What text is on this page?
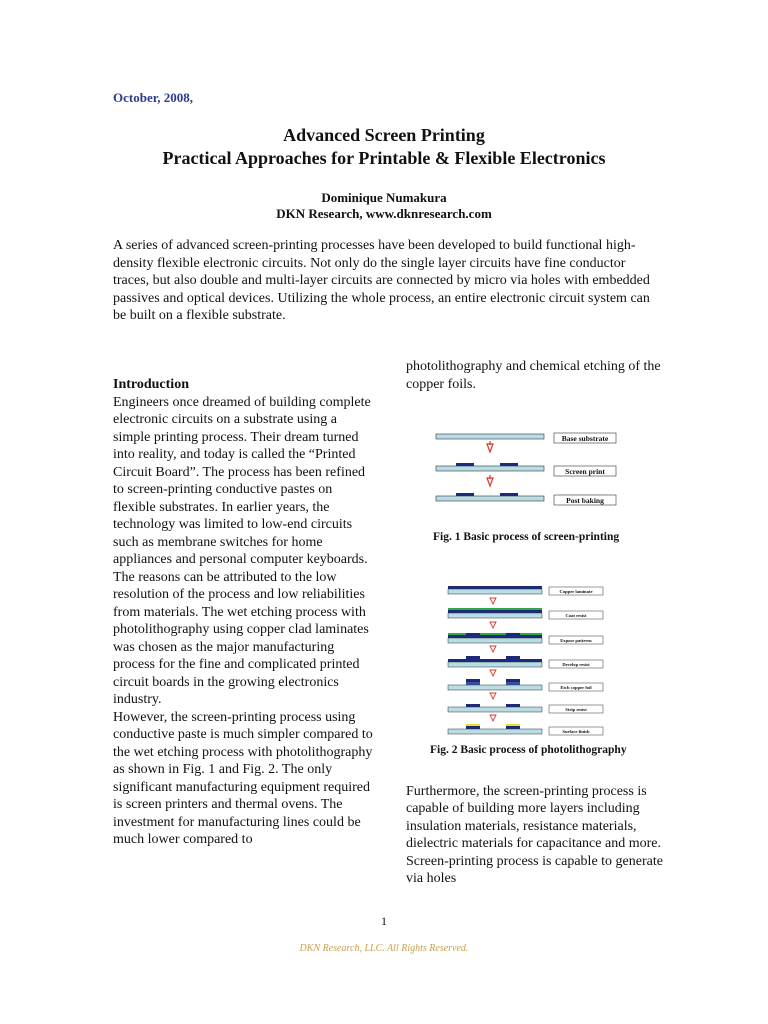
October, 2008,
Advanced Screen Printing
Practical Approaches for Printable & Flexible Electronics
Dominique Numakura
DKN Research, www.dknresearch.com
A series of advanced screen-printing processes have been developed to build functional high-density flexible electronic circuits. Not only do the single layer circuits have fine conductor traces, but also double and multi-layer circuits are connected by micro via holes with embedded passives and optical devices. Utilizing the whole process, an entire electronic circuit system can be built on a flexible substrate.
Introduction

Engineers once dreamed of building complete electronic circuits on a substrate using a simple printing process. Their dream turned into reality, and today is called the “Printed Circuit Board”. The process has been refined to screen-printing conductive pastes on flexible substrates. In earlier years, the technology was limited to low-end circuits such as membrane switches for home appliances and personal computer keyboards. The reasons can be attributed to the low resolution of the process and low reliabilities from materials. The wet etching process with photolithography using copper clad laminates was chosen as the major manufacturing process for the fine and complicated printed circuit boards in the growing electronics industry.

However, the screen-printing process using conductive paste is much simpler compared to the wet etching process with photolithography as shown in Fig. 1 and Fig. 2. The only significant manufacturing equipment required is screen printers and thermal ovens. The investment for manufacturing lines could be much lower compared to

photolithography and chemical etching of the copper foils.
Base substrate
Screen print
Post baking
Fig. 1 Basic process of screen-printing
Copper laminate
Coat resist
Expose patterns
Develop resist
Etch copper foil
Strip resist
Surface finish
Fig. 2 Basic process of photolithography
Furthermore, the screen-printing process is capable of building more layers including insulation materials, resistance materials, dielectric materials for capacitance and more. Screen-printing process is capable to generate via holes
1
DKN Research, LLC. All Rights Reserved.
